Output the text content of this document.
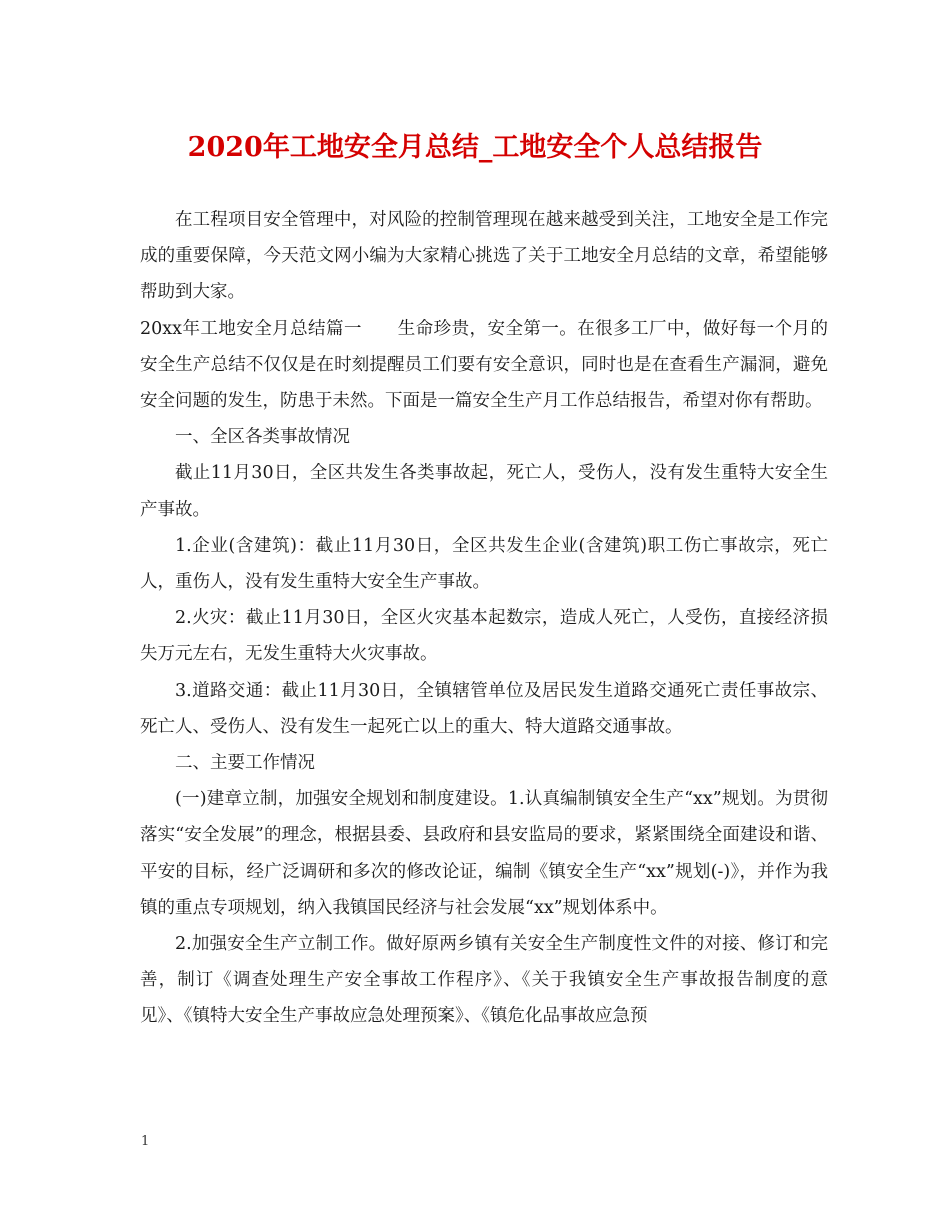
2020年工地安全月总结_工地安全个人总结报告

在工程项目安全管理中，对风险的控制管理现在越来越受到关注，工地安全是工作完成的重要保障，今天范文网小编为大家精心挑选了关于工地安全月总结的文章，希望能够帮助到大家。

20xx年工地安全月总结篇一　　生命珍贵，安全第一。在很多工厂中，做好每一个月的安全生产总结不仅仅是在时刻提醒员工们要有安全意识，同时也是在查看生产漏洞，避免安全问题的发生，防患于未然。下面是一篇安全生产月工作总结报告，希望对你有帮助。

一、全区各类事故情况

截止11月30日，全区共发生各类事故起，死亡人，受伤人，没有发生重特大安全生产事故。

1.企业(含建筑)：截止11月30日，全区共发生企业(含建筑)职工伤亡事故宗，死亡人，重伤人，没有发生重特大安全生产事故。

2.火灾：截止11月30日，全区火灾基本起数宗，造成人死亡，人受伤，直接经济损失万元左右，无发生重特大火灾事故。

3.道路交通：截止11月30日，全镇辖管单位及居民发生道路交通死亡责任事故宗、死亡人、受伤人、没有发生一起死亡以上的重大、特大道路交通事故。

二、主要工作情况

(一)建章立制，加强安全规划和制度建设。1.认真编制镇安全生产“xx”规划。为贯彻落实“安全发展”的理念，根据县委、县政府和县安监局的要求，紧紧围绕全面建设和谐、平安的目标，经广泛调研和多次的修改论证，编制《镇安全生产“xx”规划(-)》，并作为我镇的重点专项规划，纳入我镇国民经济与社会发展“xx”规划体系中。

2.加强安全生产立制工作。做好原两乡镇有关安全生产制度性文件的对接、修订和完善，制订《调查处理生产安全事故工作程序》、《关于我镇安全生产事故报告制度的意见》、《镇特大安全生产事故应急处理预案》、《镇危化品事故应急预

1
